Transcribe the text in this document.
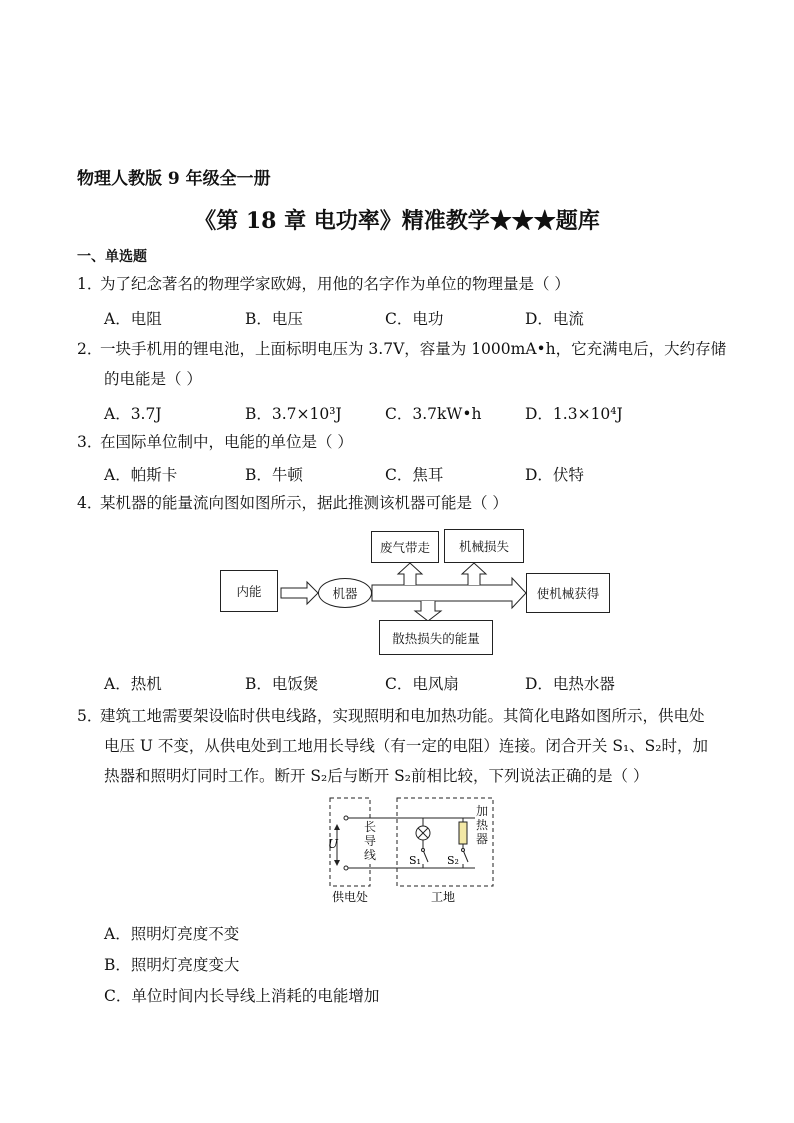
物理人教版 9 年级全一册
《第 18 章 电功率》精准教学★★★题库
一、单选题
1．
为了纪念著名的物理学家欧姆，用他的名字作为单位的物理量是（ ）
A．电阻	B．电压	C．电功	D．电流
2．
一块手机用的锂电池，上面标明电压为 3.7V，容量为 1000mA•h，它充满电后，大约存储
的电能是（ ）
A．3.7J	B．3.7×10³J	C．3.7kW•h	D．1.3×10⁴J
3．
在国际单位制中，电能的单位是（ ）
A．帕斯卡	B．牛顿	C．焦耳	D．伏特
4．
某机器的能量流向图如图所示，据此推测该机器可能是（ ）
内能	机器
废气带走	机械损失
使机械获得
散热损失的能量
A．热机	B．电饭煲	C．电风扇	D．电热水器
5．
建筑工地需要架设临时供电线路，实现照明和电加热功能。其简化电路如图所示，供电处
电压 U 不变，从供电处到工地用长导线（有一定的电阻）连接。闭合开关 S₁、S₂时，加
热器和照明灯同时工作。断开 S₂后与断开 S₂前相比较，下列说法正确的是（ ）
U
S₁ S₂
供电处	工地
长导线
加热器
A．照明灯亮度不变
B．照明灯亮度变大
C．单位时间内长导线上消耗的电能增加
